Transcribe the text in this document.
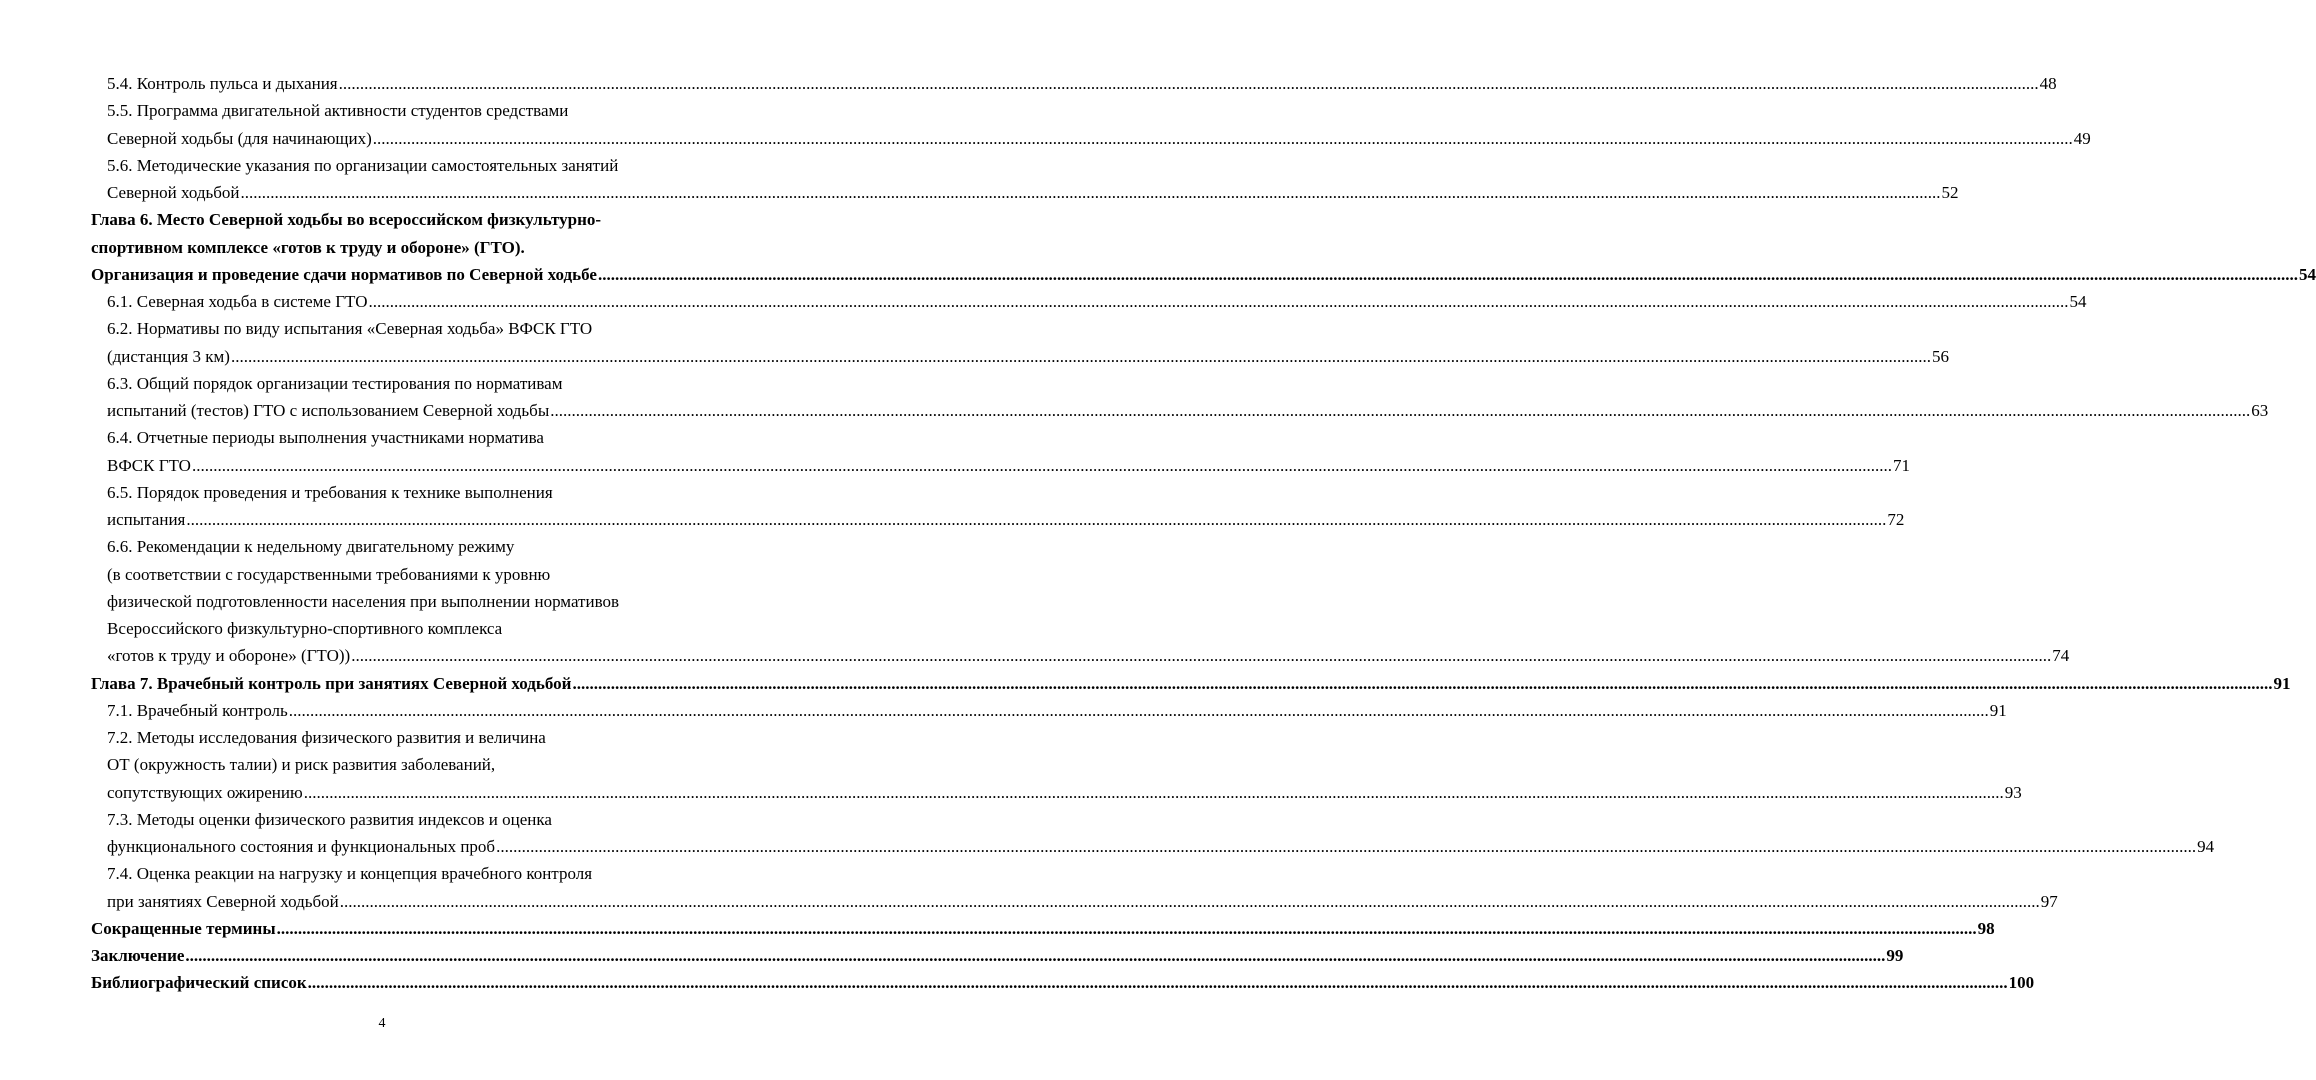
5.4. Контроль пульса и дыхания ................................................................................................................................................................................................................................................................................................................................................................................................................ 48
5.5. Программа двигательной активности студентов средствами
Северной ходьбы (для начинающих) ................................................................................................................................................................................................................................................................................................................................................................................................................ 49
5.6. Методические указания по организации самостоятельных занятий
Северной ходьбой ................................................................................................................................................................................................................................................................................................................................................................................................................ 52
Глава 6. Место Северной ходьбы во всероссийском физкультурно-
спортивном комплексе «готов к труду и обороне» (ГТО).
Организация и проведение сдачи нормативов по Северной ходьбе ................................................................................................................................................................................................................................................................................................................................................................................................................ 54
6.1. Северная ходьба в системе ГТО ................................................................................................................................................................................................................................................................................................................................................................................................................ 54
6.2. Нормативы по виду испытания «Северная ходьба» ВФСК ГТО
(дистанция 3 км) ................................................................................................................................................................................................................................................................................................................................................................................................................ 56
6.3. Общий порядок организации тестирования по нормативам
испытаний (тестов) ГТО с использованием Северной ходьбы ................................................................................................................................................................................................................................................................................................................................................................................................................ 63
6.4. Отчетные периоды выполнения участниками норматива
ВФСК ГТО ................................................................................................................................................................................................................................................................................................................................................................................................................ 71
6.5. Порядок проведения и требования к технике выполнения
испытания ................................................................................................................................................................................................................................................................................................................................................................................................................ 72
6.6. Рекомендации к недельному двигательному режиму
(в соответствии с государственными требованиями к уровню
физической подготовленности населения при выполнении нормативов
Всероссийского физкультурно-спортивного комплекса
«готов к труду и обороне» (ГТО)) ................................................................................................................................................................................................................................................................................................................................................................................................................ 74
Глава 7. Врачебный контроль при занятиях Северной ходьбой ................................................................................................................................................................................................................................................................................................................................................................................................................ 91
7.1. Врачебный контроль ................................................................................................................................................................................................................................................................................................................................................................................................................ 91
7.2. Методы исследования физического развития и величина
ОТ (окружность талии) и риск развития заболеваний,
сопутствующих ожирению ................................................................................................................................................................................................................................................................................................................................................................................................................ 93
7.3. Методы оценки физического развития индексов и оценка
функционального состояния и функциональных проб ................................................................................................................................................................................................................................................................................................................................................................................................................ 94
7.4. Оценка реакции на нагрузку и концепция врачебного контроля
при занятиях Северной ходьбой ................................................................................................................................................................................................................................................................................................................................................................................................................ 97
Сокращенные термины ................................................................................................................................................................................................................................................................................................................................................................................................................ 98
Заключение ................................................................................................................................................................................................................................................................................................................................................................................................................ 99
Библиографический список ................................................................................................................................................................................................................................................................................................................................................................................................................ 100
4
